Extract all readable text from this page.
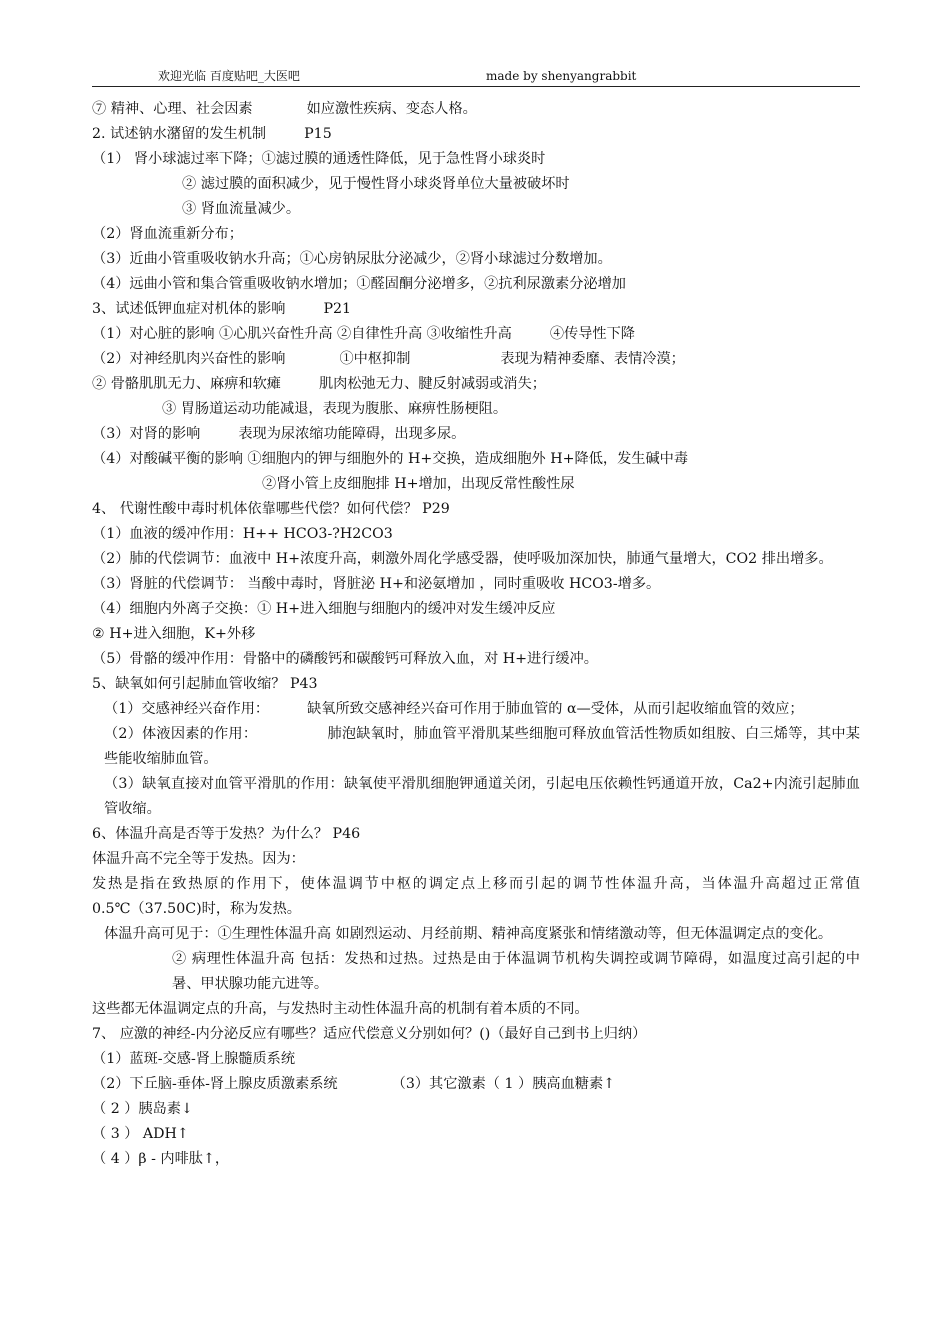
欢迎光临 百度贴吧_大医吧	made by shenyangrabbit

⑦ 精神、心理、社会因素	如应激性疾病、变态人格。

2. 试述钠水潴留的发生机制	P15

（1） 肾小球滤过率下降；①滤过膜的通透性降低，见于急性肾小球炎时

② 滤过膜的面积减少，见于慢性肾小球炎肾单位大量被破坏时

③ 肾血流量减少。

（2）肾血流重新分布；

（3）近曲小管重吸收钠水升高；①心房钠尿肽分泌减少，②肾小球滤过分数增加。

（4）远曲小管和集合管重吸收钠水增加；①醛固酮分泌增多，②抗利尿激素分泌增加

3、试述低钾血症对机体的影响	P21

（1）对心脏的影响 ①心肌兴奋性升高 ②自律性升高 ③收缩性升高	④传导性下降

（2）对神经肌肉兴奋性的影响	①中枢抑制	表现为精神委靡、表情冷漠；

② 骨骼肌肌无力、麻痹和软瘫	肌肉松弛无力、腱反射减弱或消失；

③ 胃肠道运动功能减退，表现为腹胀、麻痹性肠梗阻。

（3）对肾的影响	表现为尿浓缩功能障碍，出现多尿。

（4）对酸碱平衡的影响 ①细胞内的钾与细胞外的 H+交换，造成细胞外 H+降低，发生碱中毒

②肾小管上皮细胞排 H+增加，出现反常性酸性尿

4、 代谢性酸中毒时机体依靠哪些代偿？如何代偿？ P29

（1）血液的缓冲作用：H++ HCO3-?H2CO3

（2）肺的代偿调节：血液中 H+浓度升高，刺激外周化学感受器，使呼吸加深加快，肺通气量增大，CO2 排出增多。

（3）肾脏的代偿调节： 当酸中毒时，肾脏泌 H+和泌氨增加 ，同时重吸收 HCO3-增多。

（4）细胞内外离子交换：① H+进入细胞与细胞内的缓冲对发生缓冲反应

② H+进入细胞，K+外移

（5）骨骼的缓冲作用：骨骼中的磷酸钙和碳酸钙可释放入血，对 H+进行缓冲。

5、缺氧如何引起肺血管收缩？ P43

（1）交感神经兴奋作用：	缺氧所致交感神经兴奋可作用于肺血管的 α—受体，从而引起收缩血管的效应；

（2）体液因素的作用：	肺泡缺氧时，肺血管平滑肌某些细胞可释放血管活性物质如组胺、白三烯等，其中某些能收缩肺血管。

（3）缺氧直接对血管平滑肌的作用：缺氧使平滑肌细胞钾通道关闭，引起电压依赖性钙通道开放，Ca2+内流引起肺血管收缩。

6、体温升高是否等于发热？为什么？ P46

体温升高不完全等于发热。因为：

发热是指在致热原的作用下，使体温调节中枢的调定点上移而引起的调节性体温升高，当体温升高超过正常值 0.5℃（37.50C)时，称为发热。

体温升高可见于：①生理性体温升高 如剧烈运动、月经前期、精神高度紧张和情绪激动等，但无体温调定点的变化。

② 病理性体温升高 包括：发热和过热。过热是由于体温调节机构失调控或调节障碍，如温度过高引起的中暑、甲状腺功能亢进等。

这些都无体温调定点的升高，与发热时主动性体温升高的机制有着本质的不同。

7、 应激的神经-内分泌反应有哪些？适应代偿意义分别如何？()（最好自己到书上归纳）

（1）蓝斑-交感-肾上腺髓质系统

（2）下丘脑-垂体-肾上腺皮质激素系统	（3）其它激素（ 1 ）胰高血糖素↑

（ 2 ）胰岛素↓

（ 3 ） ADH↑

（ 4 ）β - 内啡肽↑，
